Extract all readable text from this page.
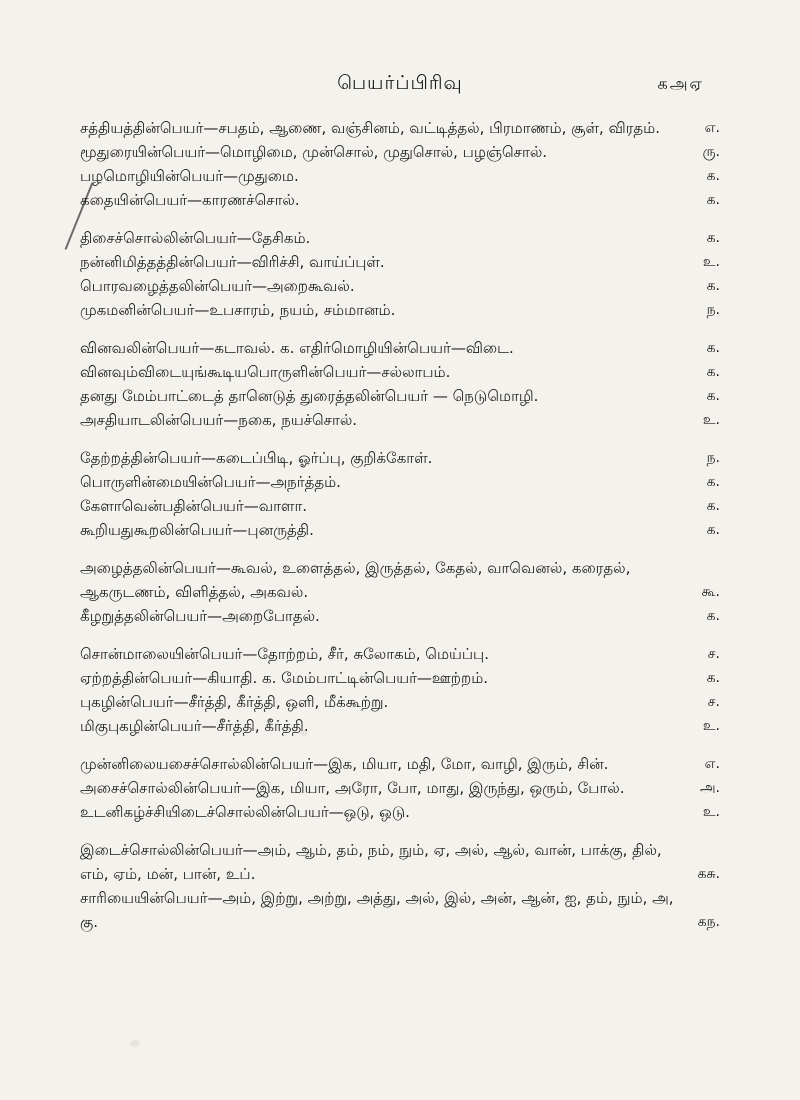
பெயர்ப்பிரிவு	கஅஏ
சத்தியத்தின்பெயர்—சபதம், ஆணை, வஞ்சினம், வட்டித்தல், பிரமாணம், சூள், விரதம்.	எ.
மூதுரையின்பெயர்—மொழிமை, முன்சொல், முதுசொல், பழஞ்சொல்.	ரு.
பழமொழியின்பெயர்—முதுமை.	க.
கதையின்பெயர்—காரணச்சொல்.	க.
திசைச்சொல்லின்பெயர்—தேசிகம்.	க.
நன்னிமித்தத்தின்பெயர்—விரிச்சி, வாய்ப்புள்.	உ.
பொரவழைத்தலின்பெயர்—அறைகூவல்.	க.
முகமனின்பெயர்—உபசாரம், நயம், சம்மானம்.	ந.
வினவலின்பெயர்—கடாவல். க. எதிர்மொழியின்பெயர்—விடை.	க.
வினவும்விடையுங்கூடியபொருளின்பெயர்—சல்லாபம்.	க.
தனது மேம்பாட்டைத் தானெடுத் துரைத்தலின்பெயர் — நெடுமொழி.	க.
அசதியாடலின்பெயர்—நகை, நயச்சொல்.	உ.
தேற்றத்தின்பெயர்—கடைப்பிடி, ஓர்ப்பு, குறிக்கோள்.	ந.
பொருளின்மையின்பெயர்—அநர்த்தம்.	க.
கேளாவென்பதின்பெயர்—வாளா.	க.
கூறியதுகூறலின்பெயர்—புனருத்தி.	க.
அழைத்தலின்பெயர்—கூவல், உளைத்தல், இருத்தல், கேதல், வாவெனல், கரைதல், ஆகருடணம், விளித்தல், அகவல்.	கூ.
கீழறுத்தலின்பெயர்—அறைபோதல்.	க.
சொன்மாலையின்பெயர்—தோற்றம், சீர், சுலோகம், மெய்ப்பு.	ச.
ஏற்றத்தின்பெயர்—கியாதி. க. மேம்பாட்டின்பெயர்—ஊற்றம்.	க.
புகழின்பெயர்—சீர்த்தி, கீர்த்தி, ஒளி, மீக்கூற்று.	ச.
மிகுபுகழின்பெயர்—சீர்த்தி, கீர்த்தி.	உ.
முன்னிலையசைச்சொல்லின்பெயர்—இக, மியா, மதி, மோ, வாழி, இரும், சின்.	எ.
அசைச்சொல்லின்பெயர்—இக, மியா, அரோ, போ, மாது, இருந்து, ஒரும், போல்.	அ.
உடனிகழ்ச்சியிடைச்சொல்லின்பெயர்—ஒடு, ஒடு.	உ.
இடைச்சொல்லின்பெயர்—அம், ஆம், தம், நம், நும், ஏ, அல், ஆல், வான், பாக்கு, தில், எம், ஏம், மன், பான், உப்.	கசு.
சாரியையின்பெயர்—அம், இற்று, அற்று, அத்து, அல், இல், அன், ஆன், ஐ, தம், நும், அ, கு.	கந.
